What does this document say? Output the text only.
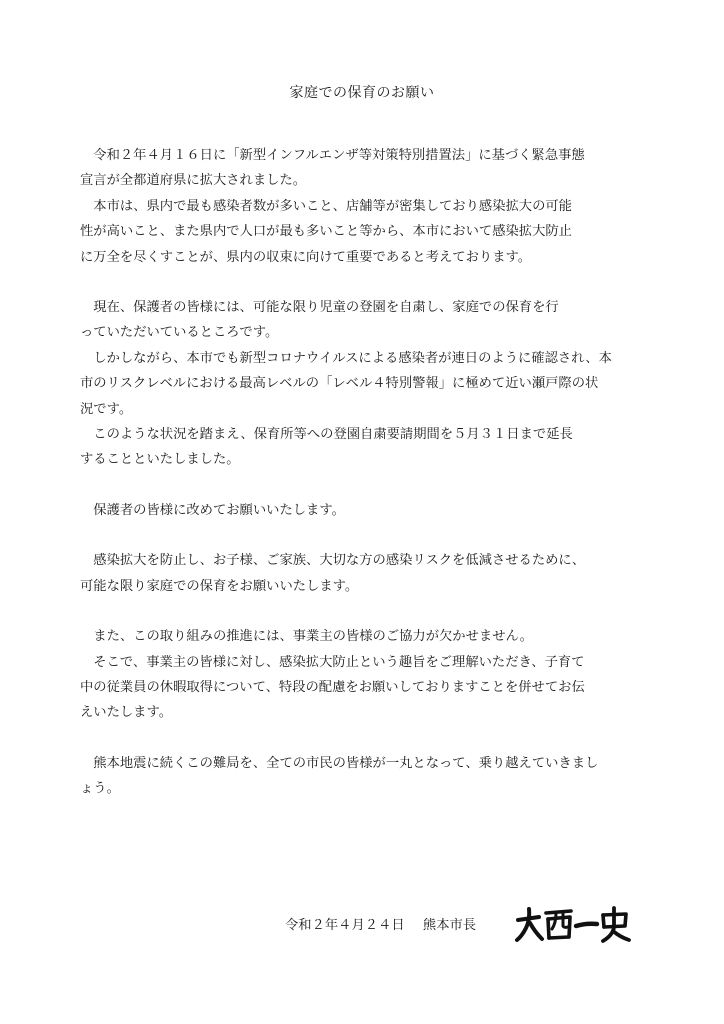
家庭での保育のお願い
　令和２年４月１６日に「新型インフルエンザ等対策特別措置法」に基づく緊急事態
宣言が全都道府県に拡大されました。
　本市は、県内で最も感染者数が多いこと、店舗等が密集しており感染拡大の可能
性が高いこと、また県内で人口が最も多いこと等から、本市において感染拡大防止
に万全を尽くすことが、県内の収束に向けて重要であると考えております。
　現在、保護者の皆様には、可能な限り児童の登園を自粛し、家庭での保育を行
っていただいているところです。
　しかしながら、本市でも新型コロナウイルスによる感染者が連日のように確認され、本
市のリスクレベルにおける最高レベルの「レベル４特別警報」に極めて近い瀬戸際の状
況です。
　このような状況を踏まえ、保育所等への登園自粛要請期間を５月３１日まで延長
することといたしました。
　保護者の皆様に改めてお願いいたします。
　感染拡大を防止し、お子様、ご家族、大切な方の感染リスクを低減させるために、
可能な限り家庭での保育をお願いいたします。
　また、この取り組みの推進には、事業主の皆様のご協力が欠かせません。
　そこで、事業主の皆様に対し、感染拡大防止という趣旨をご理解いただき、子育て
中の従業員の休暇取得について、特段の配慮をお願いしておりますことを併せてお伝
えいたします。
　熊本地震に続くこの難局を、全ての市民の皆様が一丸となって、乗り越えていきまし
ょう。
令和２年４月２４日 熊本市長
